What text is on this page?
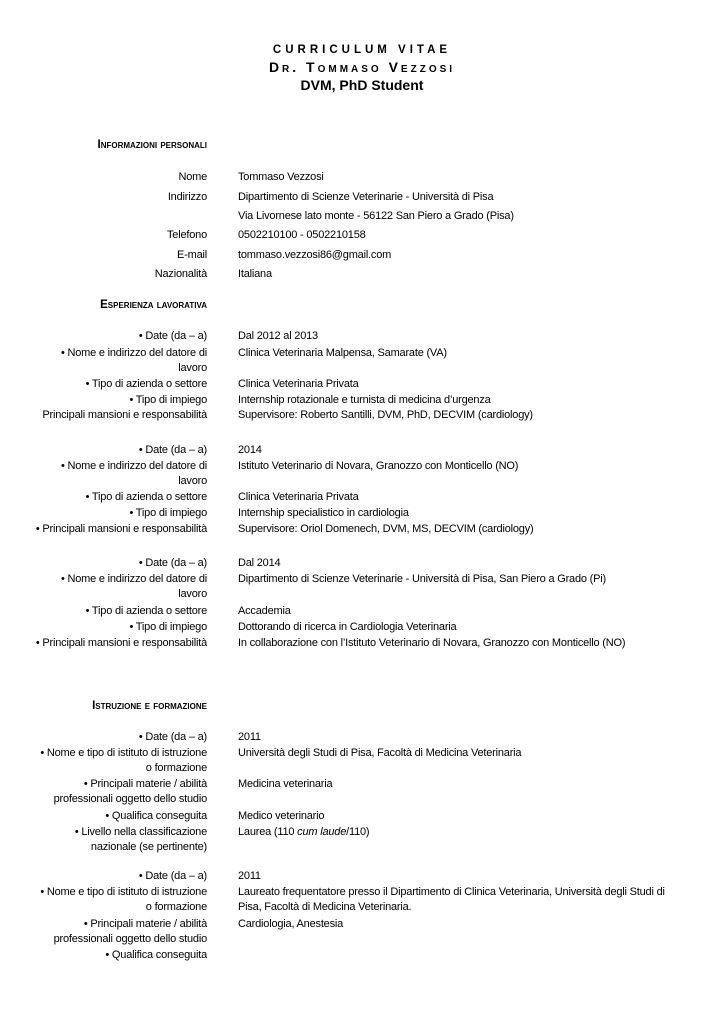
CURRICULUM VITAE
Dr. Tommaso Vezzosi
DVM, PhD Student
Informazioni personali
Nome	Tommaso Vezzosi
Indirizzo	Dipartimento di Scienze Veterinarie - Università di Pisa
Via Livornese lato monte - 56122 San Piero a Grado (Pisa)
Telefono	0502210100 - 0502210158
E-mail	tommaso.vezzosi86@gmail.com
Nazionalità	Italiana
Esperienza lavorativa
• Date (da – a)	Dal 2012 al 2013
• Nome e indirizzo del datore di	Clinica Veterinaria Malpensa, Samarate (VA)
lavoro
• Tipo di azienda o settore	Clinica Veterinaria Privata
• Tipo di impiego	Internship rotazionale e turnista di medicina d’urgenza
Principali mansioni e responsabilità	Supervisore: Roberto Santilli, DVM, PhD, DECVIM (cardiology)
• Date (da – a)	2014
• Nome e indirizzo del datore di	Istituto Veterinario di Novara, Granozzo con Monticello (NO)
lavoro
• Tipo di azienda o settore	Clinica Veterinaria Privata
• Tipo di impiego	Internship specialistico in cardiologia
• Principali mansioni e responsabilità	Supervisore: Oriol Domenech, DVM, MS, DECVIM (cardiology)
• Date (da – a)	Dal 2014
• Nome e indirizzo del datore di	Dipartimento di Scienze Veterinarie - Università di Pisa, San Piero a Grado (Pi)
lavoro
• Tipo di azienda o settore	Accademia
• Tipo di impiego	Dottorando di ricerca in Cardiologia Veterinaria
• Principali mansioni e responsabilità	In collaborazione con l’Istituto Veterinario di Novara, Granozzo con Monticello (NO)
Istruzione e formazione
• Date (da – a)	2011
• Nome e tipo di istituto di istruzione	Università degli Studi di Pisa, Facoltà di Medicina Veterinaria
o formazione
• Principali materie / abilità	Medicina veterinaria
professionali oggetto dello studio
• Qualifica conseguita	Medico veterinario
• Livello nella classificazione	Laurea (110 cum laude/110)
nazionale (se pertinente)
• Date (da – a)	2011
• Nome e tipo di istituto di istruzione	Laureato frequentatore presso il Dipartimento di Clinica Veterinaria, Università degli Studi di
o formazione	Pisa, Facoltà di Medicina Veterinaria.
• Principali materie / abilità	Cardiologia, Anestesia
professionali oggetto dello studio
• Qualifica conseguita
